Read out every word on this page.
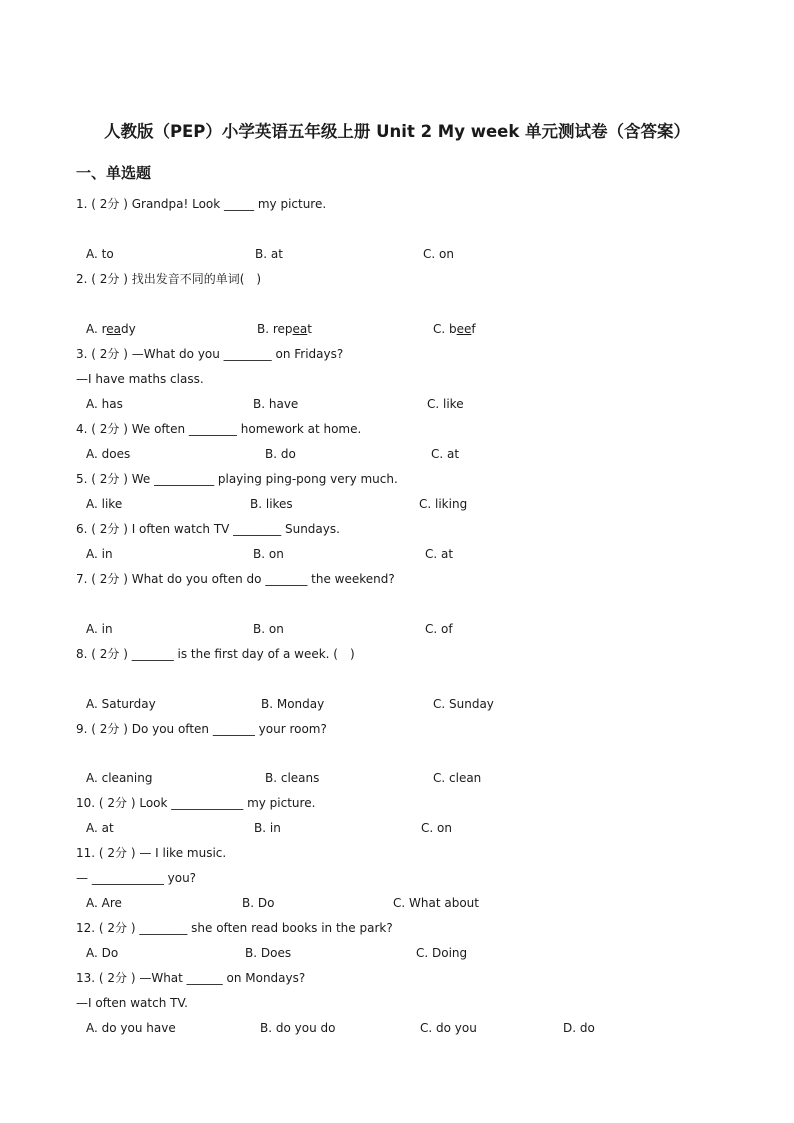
人教版（PEP）小学英语五年级上册 Unit 2 My week 单元测试卷（含答案）
一、单选题
1. ( 2分 ) Grandpa! Look _____ my picture.
A. to	B. at	C. on
2. ( 2分 ) 找出发音不同的单词(　)
A. ready	B. repeat	C. beef
3. ( 2分 ) —What do you ________ on Fridays?
—I have maths class.
A. has	B. have	C. like
4. ( 2分 ) We often ________ homework at home.
A. does	B. do	C. at
5. ( 2分 ) We __________ playing ping-pong very much.
A. like	B. likes	C. liking
6. ( 2分 ) I often watch TV ________ Sundays.
A. in	B. on	C. at
7. ( 2分 ) What do you often do _______ the weekend?
A. in	B. on	C. of
8. ( 2分 ) _______ is the first day of a week. (　)
A. Saturday	B. Monday	C. Sunday
9. ( 2分 ) Do you often _______ your room?
A. cleaning	B. cleans	C. clean
10. ( 2分 ) Look ____________ my picture.
A. at	B. in	C. on
11. ( 2分 ) — I like music.
— ____________ you?
A. Are	B. Do	C. What about
12. ( 2分 ) ________ she often read books in the park?
A. Do	B. Does	C. Doing
13. ( 2分 ) —What ______ on Mondays?
—I often watch TV.
A. do you have	B. do you do	C. do you	D. do
